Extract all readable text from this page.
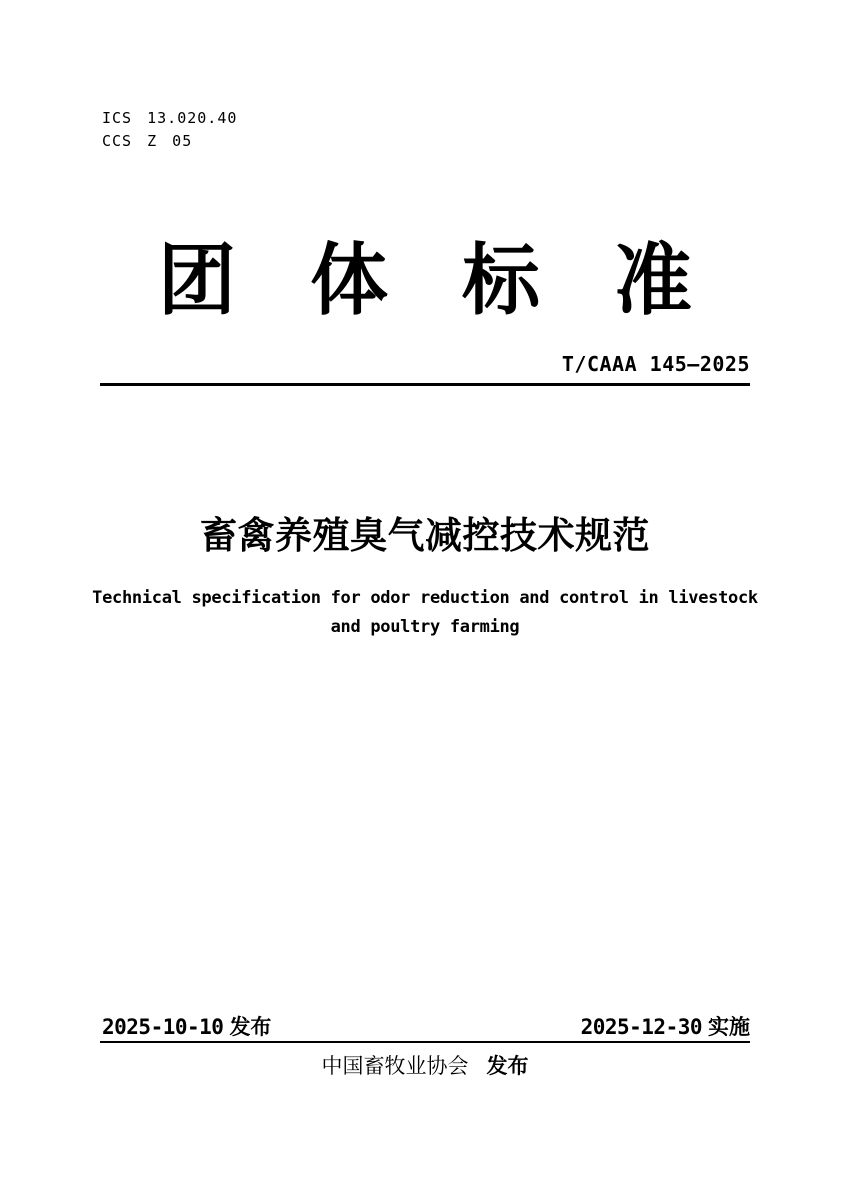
ICS 13.020.40
CCS Z 05
团体标准
T/CAAA 145—2025
畜禽养殖臭气减控技术规范
Technical specification for odor reduction and control in livestock
and poultry farming
2025-10-10 发布	2025-12-30 实施
中国畜牧业协会 发布
